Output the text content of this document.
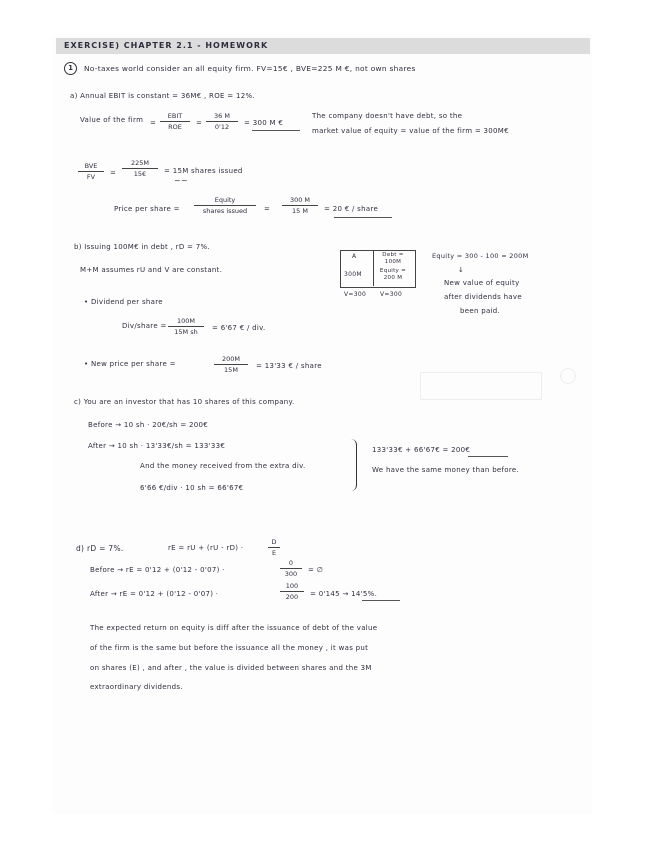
EXERCISE) CHAPTER 2.1 - HOMEWORK
1	No-taxes world consider an all equity firm. FV=15€ , BVE=225 M €, not own shares
a) Annual EBIT is constant = 36M€ , ROE = 12%.
Value of the firm =
EBIT
ROE	= $\frac{36 M}{0'12} = 300$ M €
The company doesn't have debt, so the
market value of equity = value of the firm = 300M€
BVE
FV	= $\frac{225M}{15€} = 15M$ shares issued
~~
Price per share =
Equity
shares issued	= $\frac{300 M}{15 M} = 20$ € / share
b) Issuing 100M€ in debt , rD = 7%.
M+M assumes rU and V are constant.
A
300M
Debt = 100M
Equity = 200 M
V=300 V=300
Equity = 300 - 100 = 200M
↓
New value of equity
after dividends have
been paid.
• Dividend per share
Div/share = $\frac{100M}{\text{15M sh}} = 6'67$ € / div.
• New price per share =	$\frac{200M}{15M} = 13'33$ € / share
c) You are an investor that has 10 shares of this company.
Before → 10 sh · 20€/sh = 200€
After → 10 sh · 13'33€/sh = 133'33€
And the money received from the extra div.
6'66 €/div · 10 sh = 66'67€
133'33€ + 66'67€ = 200€
We have the same money than before.
d) rD = 7%.	rE = rU + (rU - rD) ·	$\frac{D}{E}$
Before → rE = 0'12 + (0'12 - 0'07) ·	$\frac{0}{300}$ = ∅
After → rE = 0'12 + (0'12 - 0'07) ·	$\frac{100}{200} = 0'145 \to 14'5\%$.
The expected return on equity is diff after the issuance of debt of the value
of the firm is the same but before the issuance all the money , it was put
on shares (E) , and after , the value is divided between shares and the 3M
extraordinary dividends.
